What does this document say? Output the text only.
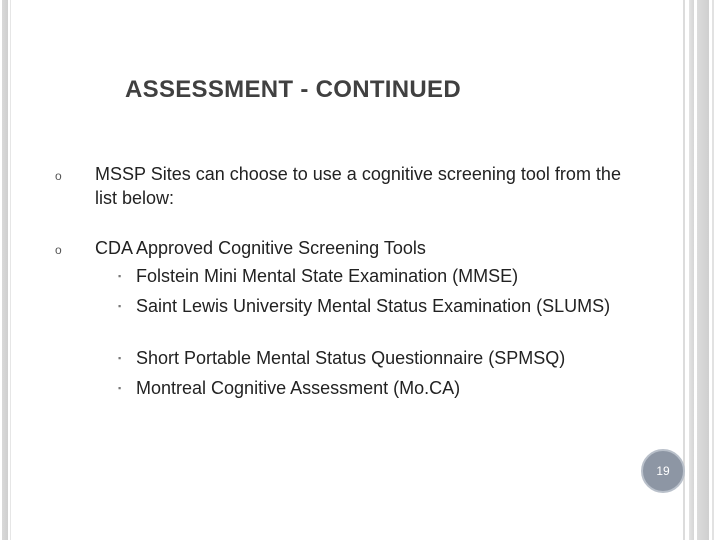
ASSESSMENT - CONTINUED
o MSSP Sites can choose to use a cognitive screening tool from the list below:
o CDA Approved Cognitive Screening Tools
▪ Folstein Mini Mental State Examination (MMSE)
▪ Saint Lewis University Mental Status Examination (SLUMS)
▪ Short Portable Mental Status Questionnaire (SPMSQ)
▪ Montreal Cognitive Assessment (Mo.CA)
19
